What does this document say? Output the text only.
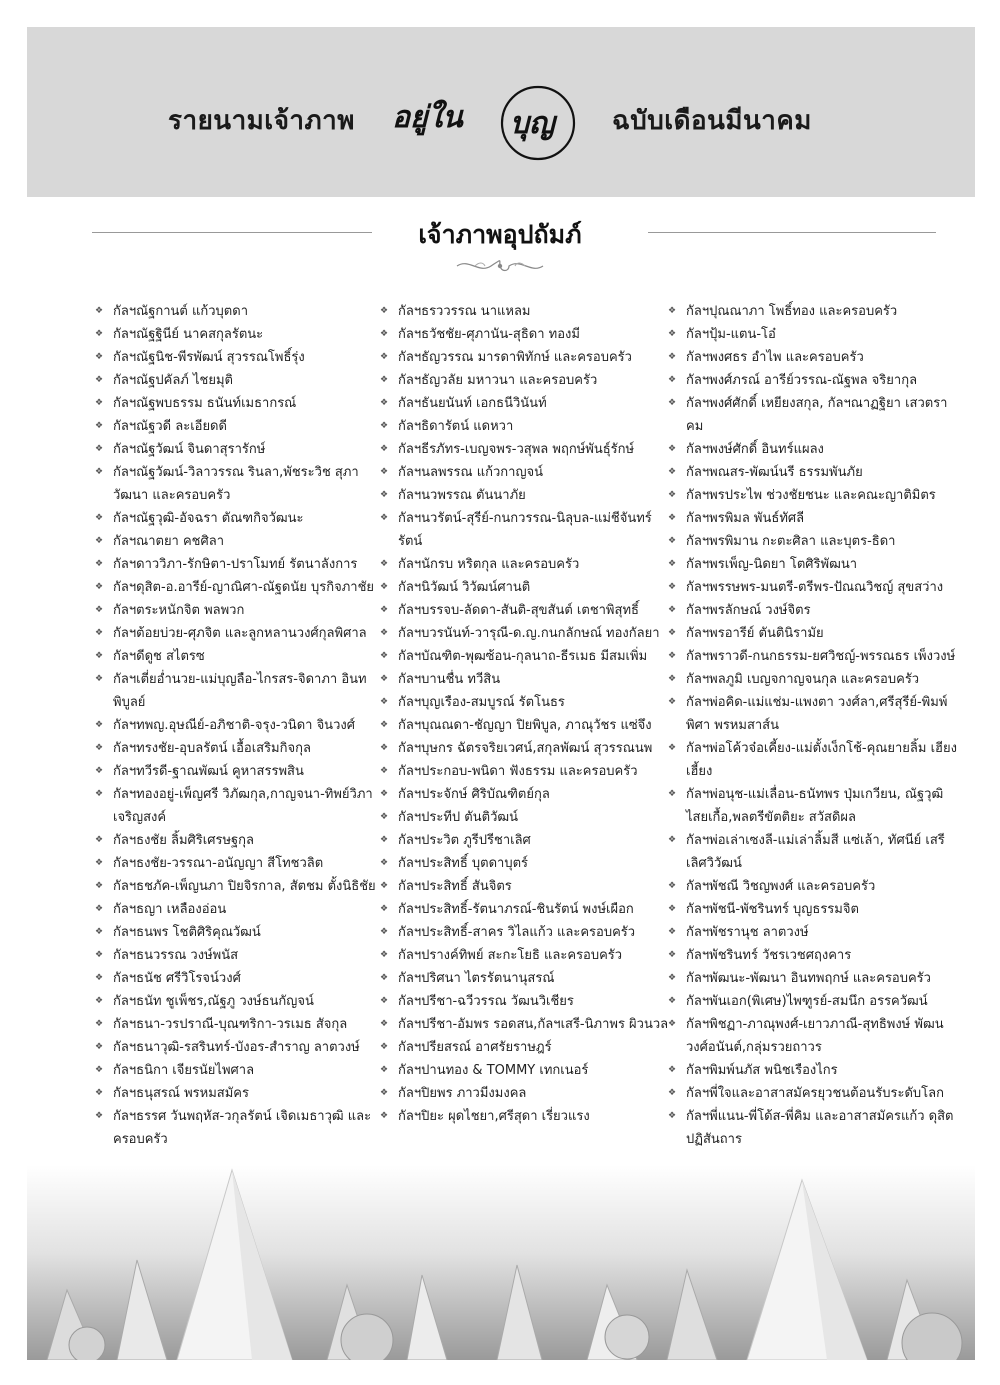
รายนามเจ้าภาพ อยู่ใน บุญ ฉบับเดือนมีนาคม
เจ้าภาพอุปถัมภ์
❖ กัลฯณัฐกานต์ แก้วบุตดา
❖ กัลฯณัฐฐินีย์ นาคสกุลรัตนะ
❖ กัลฯณัฐนิช-พีรพัฒน์ สุวรรณโพธิ์รุ่ง
❖ กัลฯณัฐปคัลภ์ ไชยมุติ
❖ กัลฯณัฐพบธรรม ธนันท์เมธากรณ์
❖ กัลฯณัฐวดี ละเอียดดี
❖ กัลฯณัฐวัฒน์ จินดาสุรารักษ์
❖ กัลฯณัฐวัฒน์-วิลาวรรณ รินลา,พัชระวิช สุภาวัฒนา และครอบครัว
❖ กัลฯณัฐวุฒิ-อัจฉรา ตัณฑกิจวัฒนะ
❖ กัลฯณาตยา คชศิลา
❖ กัลฯดาววิภา-รักษิตา-ปราโมทย์ รัตนาลังการ
❖ กัลฯดุสิต-อ.อารีย์-ญาณิศา-ณัฐดนัย บุรกิจภาชัย
❖ กัลฯตระหนักจิต พลพวก
❖ กัลฯต้อยบ่วย-ศุภจิต และลูกหลานวงศ์กุลพิศาล
❖ กัลฯดีดูช สไตรซ
❖ กัลฯเตี่ยอ่ำนวย-แม่บุญลือ-ไกรสร-จิดาภา อินทพิบูลย์
❖ กัลฯทพญ.อุษณีย์-อภิชาติ-จรุง-วนิดา จินวงศ์
❖ กัลฯทรงชัย-อุบลรัตน์ เอื้อเสริมกิจกุล
❖ กัลฯทวีรดี-ฐาณพัฒน์ คูหาสรรพสิน
❖ กัลฯทองอยู่-เพ็ญศรี วิภัฒกุล,กาญจนา-ทิพย์วิภา เจริญสงค์
❖ กัลฯธงชัย ลิ้มศิริเศรษฐกุล
❖ กัลฯธงชัย-วรรณา-อนัญญา สีโทชวลิต
❖ กัลฯธชภัค-เพ็ญนภา ปิยจิรกาล, สัตชม ตั้งนิธิชัย
❖ กัลฯธญา เหลืองอ่อน
❖ กัลฯธนพร โชติศิริคุณวัฒน์
❖ กัลฯธนวรรณ วงษ์พนัส
❖ กัลฯธนัช ศรีวิโรจน์วงศ์
❖ กัลฯธนัท ชูเพ็ชร,ณัฐภู วงษ์ธนกัญจน์
❖ กัลฯธนา-วรปราณี-บุณฑริกา-วรเมธ สัจกุล
❖ กัลฯธนาวุฒิ-รสรินทร์-บังอร-สำราญ ลาตวงษ์
❖ กัลฯธนิกา เจียรนัยไพศาล
❖ กัลฯธนุสรณ์ พรหมสมัคร
❖ กัลฯธรรศ วันพฤหัส-วกุลรัตน์ เจิดเมธาวุฒิ และครอบครัว
❖ กัลฯธรววรรณ นาแหลม
❖ กัลฯธวัชชัย-ศุภานัน-สุธิดา ทองมี
❖ กัลฯธัญวรรณ มารดาพิทักษ์ และครอบครัว
❖ กัลฯธัญวลัย มหาวนา และครอบครัว
❖ กัลฯธันยนันท์ เอกธนีวินันท์
❖ กัลฯธิดารัตน์ แดหวา
❖ กัลฯธีรภัทร-เบญจพร-วสุพล พฤกษ์พันธุ์รักษ์
❖ กัลฯนลพรรณ แก้วกาญจน์
❖ กัลฯนวพรรณ ตันนาภัย
❖ กัลฯนวรัตน์-สุรีย์-กนกวรรณ-นิลุบล-แม่ชีจันทร์รัตน์
❖ กัลฯนักรบ หริตกุล และครอบครัว
❖ กัลฯนิวัฒน์ วิวัฒน์ศานติ
❖ กัลฯบรรจบ-ลัดดา-สันติ-สุขสันต์ เตชาพิสุทธิ์
❖ กัลฯบวรนันท์-วารุณี-ด.ญ.กนกลักษณ์ ทองกัลยา
❖ กัลฯบัณฑิต-พุฒซ้อน-กุลนาถ-ธีรเมธ มีสมเพิ่ม
❖ กัลฯบานชื่น ทวีสิน
❖ กัลฯบุญเรือง-สมบูรณ์ รัตโนธร
❖ กัลฯบุณณดา-ชัญญา ปิยพิบูล, ภาณุวัชร แซ่จึง
❖ กัลฯบุษกร ฉัตรจริยเวศน์,สกุลพัฒน์ สุวรรณนพ
❖ กัลฯประกอบ-พนิดา ฟังธรรม และครอบครัว
❖ กัลฯประจักษ์ ศิริบัณฑิตย์กุล
❖ กัลฯประทีป ตันติวัฒน์
❖ กัลฯประวิต ภูรีปรีชาเลิศ
❖ กัลฯประสิทธิ์ บุตดาบุตร์
❖ กัลฯประสิทธิ์ สันจิตร
❖ กัลฯประสิทธิ์-รัตนาภรณ์-ชินรัตน์ พงษ์เผือก
❖ กัลฯประสิทธิ์-สาคร วิไลแก้ว และครอบครัว
❖ กัลฯปรางค์ทิพย์ สะกะโยธิ และครอบครัว
❖ กัลฯปริศนา ไตรรัตนานุสรณ์
❖ กัลฯปรีชา-ฉวีวรรณ วัฒนวิเชียร
❖ กัลฯปรีชา-อัมพร รอดสน,กัลฯเสรี-นิภาพร ผิวนวล
❖ กัลฯปรียสรณ์ อาศรัยราษฎร์
❖ กัลฯปานทอง & TOMMY เทกเนอร์
❖ กัลฯปิยพร ภาวมีงมงคล
❖ กัลฯปิยะ ผุดไชยา,ศรีสุดา เรี่ยวแรง
❖ กัลฯปุณณาภา โพธิ์ทอง และครอบครัว
❖ กัลฯปุ้ม-แตน-โอ๋
❖ กัลฯพงศธร อำไพ และครอบครัว
❖ กัลฯพงศ์ภรณ์ อารีย์วรรณ-ณัฐพล จริยากุล
❖ กัลฯพงศ์ศักดิ์ เหยียงสกุล, กัลฯณาฏฐิยา เสวตราคม
❖ กัลฯพงษ์ศักดิ์ อินทร์แผลง
❖ กัลฯพณสร-พัฒน์นรี ธรรมพันภัย
❖ กัลฯพรประไพ ช่วงชัยชนะ และคณะญาติมิตร
❖ กัลฯพรพิมล พันธ์ทัศลี
❖ กัลฯพรพิมาน กะตะศิลา และบุตร-ธิดา
❖ กัลฯพรเพ็ญ-นิดยา โตศิริพัฒนา
❖ กัลฯพรรษพร-มนตรี-ตรีพร-ปัณณวิชญ์ สุขสว่าง
❖ กัลฯพรลักษณ์ วงษ์จิตร
❖ กัลฯพรอารีย์ ตันตินิรามัย
❖ กัลฯพราวดี-กนกธรรม-ยศวิชญ์-พรรณธร เพ็งวงษ์
❖ กัลฯพลภูมิ เบญจกาญจนกุล และครอบครัว
❖ กัลฯพ่อคิด-แม่แช่ม-แพงตา วงศ์ลา,ศรีสุรีย์-พิมพ์พิศา พรหมสาส์น
❖ กัลฯพ่อโค้วจ๋อเคี้ยง-แม่ตั้งเง็กโช้-คุณยายลิ้ม เฮียงเฮี้ยง
❖ กัลฯพ่อนุช-แม่เลื่อน-ธนัทพร ปุ่มเกวียน, ณัฐวุฒิ ไสยเกื้อ,พลตรีขัตติยะ สวัสดิผล
❖ กัลฯพ่อเล่าเซงลี-แม่เล่าลิ้มสี แซ่เล้า, ทัศนีย์ เสรีเลิศวิวัฒน์
❖ กัลฯพัชณี วิชญพงศ์ และครอบครัว
❖ กัลฯพัชนี-พัชรินทร์ บุญธรรมจิต
❖ กัลฯพัชรานุช ลาตวงษ์
❖ กัลฯพัชรินทร์ วัชรเวชศฤงคาร
❖ กัลฯพัฒนะ-พัฒนา อินทพฤกษ์ และครอบครัว
❖ กัลฯพันเอก(พิเศษ)ไพฑูรย์-สมนึก อรรควัฒน์
❖ กัลฯพิชฏา-ภาณุพงศ์-เยาวภาณี-สุทธิพงษ์ พัฒนวงศ์อนันต์,กลุ่มรวยถาวร
❖ กัลฯพิมพ์นภัส พนิชเรืองไกร
❖ กัลฯพี่ใจและอาสาสมัครยุวชนต้อนรับระดับโลก
❖ กัลฯพี่แนน-พี่โด้ส-พี่คิม และอาสาสมัครแก้ว ดุสิตปฏิสันถาร
